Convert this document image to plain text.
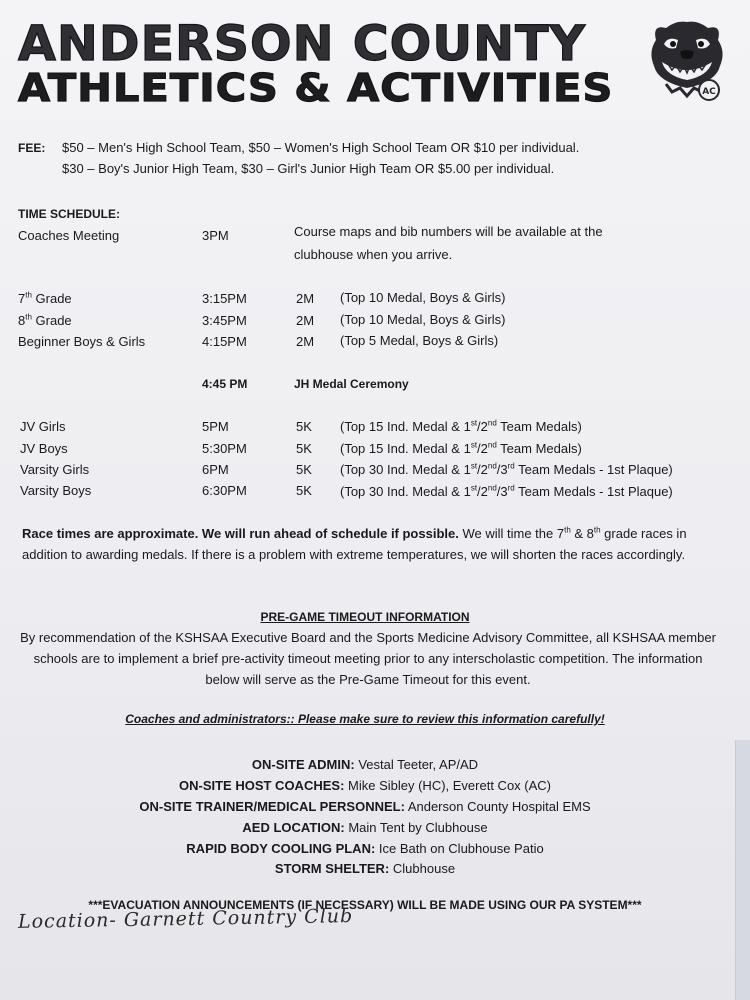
ANDERSON COUNTY
ATHLETICS & ACTIVITIES	AC
FEE: $50 – Men's High School Team, $50 – Women's High School Team OR $10 per individual.
$30 – Boy's Junior High Team, $30 – Girl's Junior High Team OR $5.00 per individual.
TIME SCHEDULE:
Coaches Meeting	3PM	Course maps and bib numbers will be available at the
clubhouse when you arrive.
7th Grade	3:15PM	2M (Top 10 Medal, Boys & Girls)
8th Grade	3:45PM	2M (Top 10 Medal, Boys & Girls)
Beginner Boys & Girls	4:15PM	2M (Top 5 Medal, Boys & Girls)
4:45 PM	JH Medal Ceremony
JV Girls	5PM	5K (Top 15 Ind. Medal & 1st/2nd Team Medals)
JV Boys	5:30PM	5K (Top 15 Ind. Medal & 1st/2nd Team Medals)
Varsity Girls	6PM	5K (Top 30 Ind. Medal & 1st/2nd/3rd Team Medals - 1st Plaque)
Varsity Boys	6:30PM	5K (Top 30 Ind. Medal & 1st/2nd/3rd Team Medals - 1st Plaque)
Race times are approximate. We will run ahead of schedule if possible. We will time the 7th & 8th grade races in addition to awarding medals. If there is a problem with extreme temperatures, we will shorten the races accordingly.
PRE-GAME TIMEOUT INFORMATION
By recommendation of the KSHSAA Executive Board and the Sports Medicine Advisory Committee, all KSHSAA member schools are to implement a brief pre-activity timeout meeting prior to any interscholastic competition. The information below will serve as the Pre-Game Timeout for this event.
Coaches and administrators:: Please make sure to review this information carefully!
ON-SITE ADMIN: Vestal Teeter, AP/AD
ON-SITE HOST COACHES: Mike Sibley (HC), Everett Cox (AC)
ON-SITE TRAINER/MEDICAL PERSONNEL: Anderson County Hospital EMS
AED LOCATION: Main Tent by Clubhouse
RAPID BODY COOLING PLAN: Ice Bath on Clubhouse Patio
STORM SHELTER: Clubhouse
***EVACUATION ANNOUNCEMENTS (IF NECESSARY) WILL BE MADE USING OUR PA SYSTEM***
Location- Garnett Country Club
